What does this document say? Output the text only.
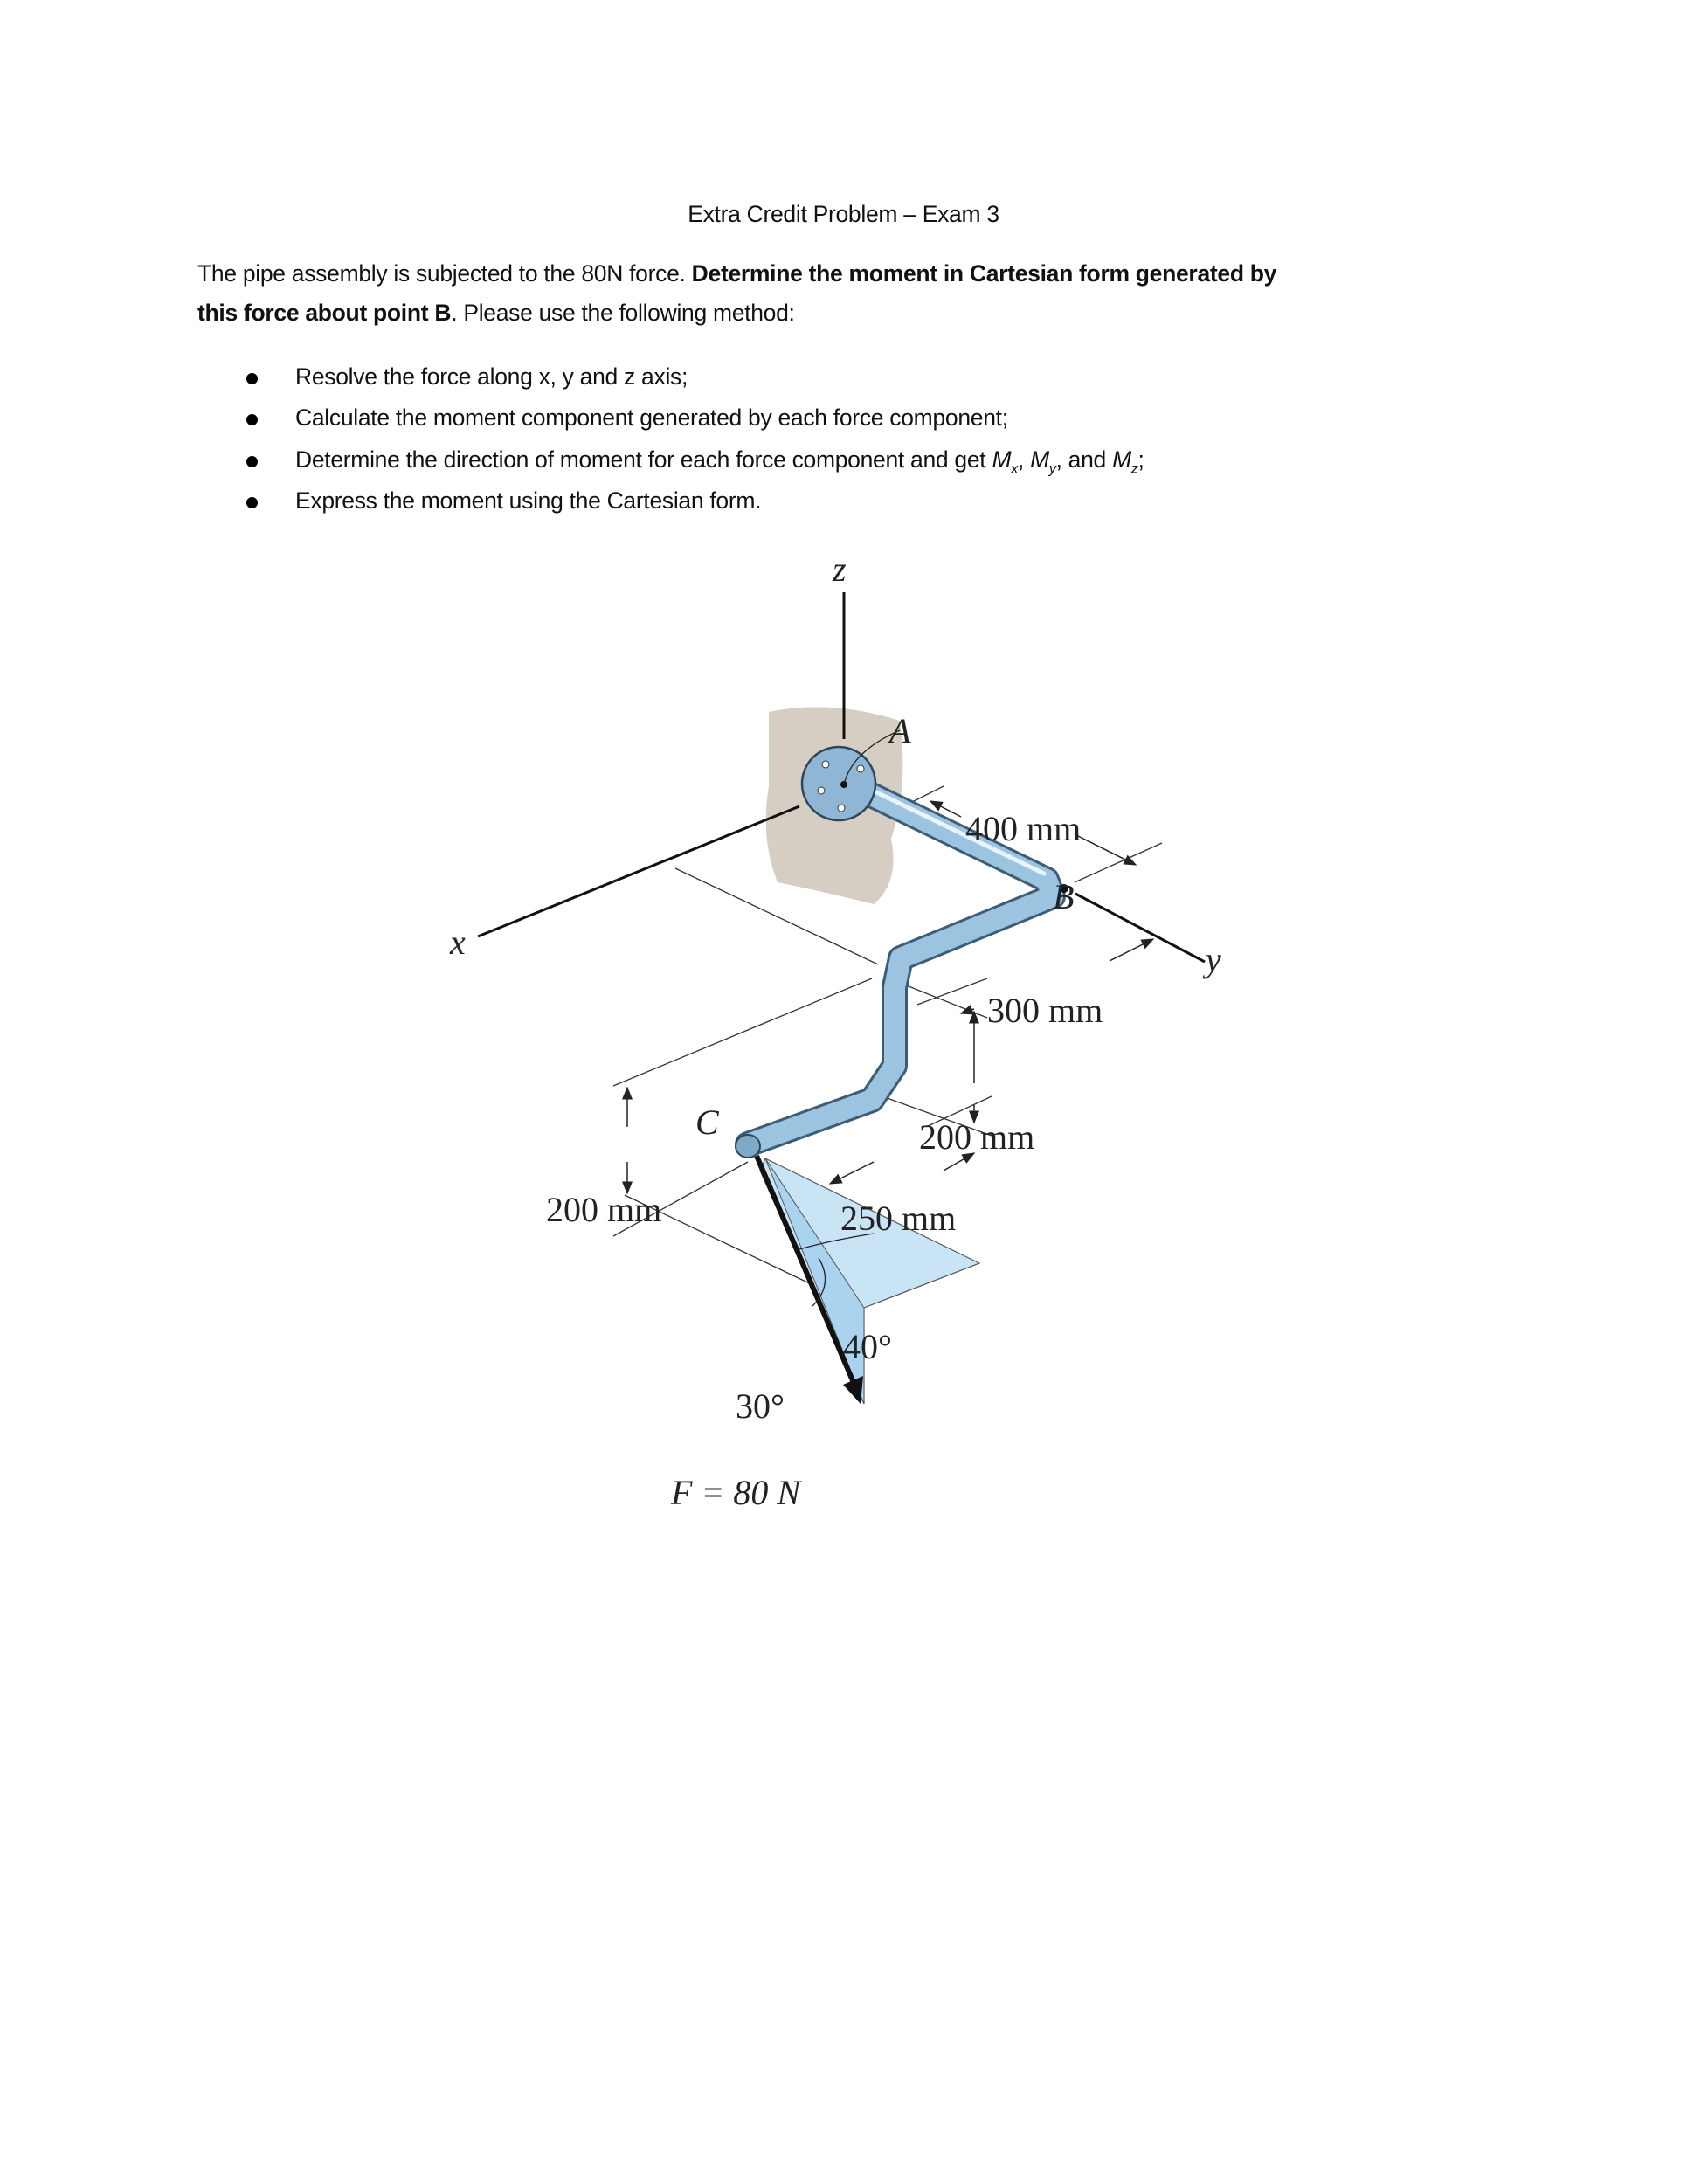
Extra Credit Problem – Exam 3
The pipe assembly is subjected to the 80N force. Determine the moment in Cartesian form generated by
this force about point B. Please use the following method:
Resolve the force along x, y and z axis;
Calculate the moment component generated by each force component;
Determine the direction of moment for each force component and get $M_x$, $M_y$, and $M_z$;
Express the moment using the Cartesian form.
z
x	y
A
B
C
400 mm
300 mm
200 mm
250 mm
200 mm
40°
30°
F = 80 N
